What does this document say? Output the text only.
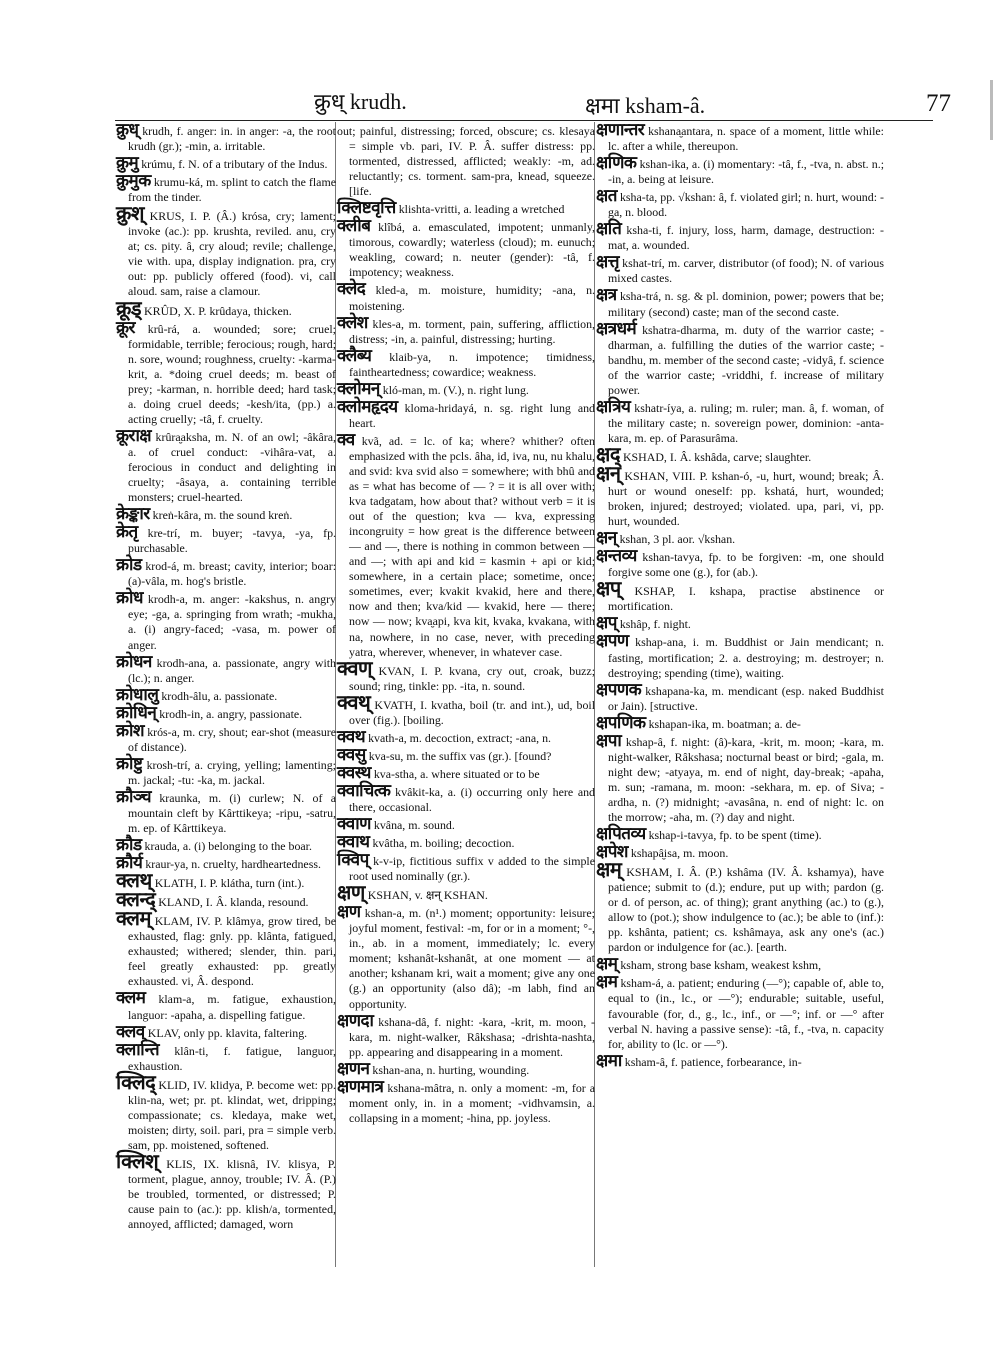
क्रुध् krudh.	क्षमा ksham-â.	77

क्रुध् krudh, f. anger: in. in anger: -a, the root krudh (gr.); -min, a. irritable.

क्रुमु krúmu, f. N. of a tributary of the Indus.

क्रुमुक krumu-ká, m. splint to catch the flame from the tinder.

क्रुश् KRUS, I. P. (Â.) krósa, cry; lament; invoke (ac.): pp. krushta, reviled. anu, cry at; cs. pity. â, cry aloud; revile; challenge, vie with. upa, display indignation. pra, cry out: pp. publicly offered (food). vi, call aloud. sam, raise a clamour.

क्रूड् KRÛD, X. P. krûdaya, thicken.

क्रूर krû-rá, a. wounded; sore; cruel; formidable, terrible; ferocious; rough, hard; n. sore, wound; roughness, cruelty: -karma-krit, a. *doing cruel deeds; m. beast of prey; -karman, n. horrible deed; hard task; a. doing cruel deeds; -kesh/ita, (pp.) a. acting cruelly; -tâ, f. cruelty.

क्रूराक्ष krûra̮aksha, m. N. of an owl; -âkâra, a. of cruel conduct: -vihâra-vat, a. ferocious in conduct and delighting in cruelty; -âsaya, a. containing terrible monsters; cruel-hearted.

क्रेङ्कार kreṅ-kâra, m. the sound kreṅ.

क्रेतृ kre-trí, m. buyer; -tavya, -ya, fp. purchasable.

क्रोड krod-á, m. breast; cavity, interior; boar: (a)-vâla, m. hog's bristle.

क्रोध krodh-a, m. anger: -kakshus, n. angry eye; -ga, a. springing from wrath; -mukha, a. (i) angry-faced; -vasa, m. power of anger.

क्रोधन krodh-ana, a. passionate, angry with (lc.); n. anger.

क्रोधालु krodh-âlu, a. passionate.

क्रोधिन् krodh-in, a. angry, passionate.

क्रोश krós-a, m. cry, shout; ear-shot (measure of distance).

क्रोष्टु krosh-trí, a. crying, yelling; lamenting; m. jackal; -tu: -ka, m. jackal.

क्रौञ्च kraunka, m. (i) curlew; N. of a mountain cleft by Kârttikeya; -ripu, -satru, m. ep. of Kârttikeya.

क्रौड krauda, a. (i) belonging to the boar.

क्रौर्य kraur-ya, n. cruelty, hardheartedness.

क्लथ् KLATH, I. P. klátha, turn (int.).

क्लन्द् KLAND, I. Â. klanda, resound.

क्लम् KLAM, IV. P. klâmya, grow tired, be exhausted, flag: gnly. pp. klânta, fatigued, exhausted; withered; slender, thin. pari, feel greatly exhausted: pp. greatly exhausted. vi, Â. despond.

क्लम klam-a, m. fatigue, exhaustion, languor: -apaha, a. dispelling fatigue.

क्लव् KLAV, only pp. klavita, faltering.

क्लान्ति klân-ti, f. fatigue, languor, exhaustion.

क्लिद् KLID, IV. klidya, P. become wet: pp. klin-na, wet; pr. pt. klindat, wet, dripping; compassionate; cs. kledaya, make wet, moisten; dirty, soil. pari, pra = simple verb. sam, pp. moistened, softened.

क्लिश् KLIS, IX. klisnâ, IV. klisya, P. torment, plague, annoy, trouble; IV. Â. (P.) be troubled, tormented, or distressed; P. cause pain to (ac.): pp. klish/a, tormented, annoyed, afflicted; damaged, worn

out; painful, distressing; forced, obscure; cs. klesaya = simple vb. pari, IV. P. Â. suffer distress: pp. tormented, distressed, afflicted; weakly: -m, ad. reluctantly; cs. torment. sam-pra, knead, squeeze. [life.

क्लिष्टवृत्ति klishta-vritti, a. leading a wretched

क्लीब klîbá, a. emasculated, impotent; unmanly, timorous, cowardly; waterless (cloud); m. eunuch; weakling, coward; n. neuter (gender): -tâ, f. impotency; weakness.

क्लेद kled-a, m. moisture, humidity; -ana, n. moistening.

क्लेश kles-a, m. torment, pain, suffering, affliction, distress; -in, a. painful, distressing; hurting.

क्लैब्य klaib-ya, n. impotence; timidness, faintheartedness; cowardice; weakness.

क्लोमन् kló-man, m. (V.), n. right lung.

क्लोमहृदय kloma-hridayá, n. sg. right lung and heart.

क्व kvã, ad. = lc. of ka; where? whither? often emphasized with the pcls. âha, id, iva, nu, nu khalu, and svid: kva svid also = somewhere; with bhû and as = what has become of — ? = it is all over with; kva tadgatam, how about that? without verb = it is out of the question; kva — kva, expressing incongruity = how great is the difference between — and —, there is nothing in common between — and —; with api and kid = kasmin + api or kid; somewhere, in a certain place; sometime, once; sometimes, ever; kvakit kvakid, here and there, now and then; kva/kid — kvakid, here — there; now — now; kva̮api, kva kit, kvaka, kvakana, with na, nowhere, in no case, never, with preceding yatra, wherever, whenever, in whatever case.

क्वण् KVAN, I. P. kvana, cry out, croak, buzz; sound; ring, tinkle: pp. -ita, n. sound.

क्वथ् KVATH, I. kvatha, boil (tr. and int.), ud, boil over (fig.). [boiling.

क्वथ kvath-a, m. decoction, extract; -ana, n.

क्वसु kva-su, m. the suffix vas (gr.). [found?

क्वस्थ kva-stha, a. where situated or to be

क्वाचित्क kvâkit-ka, a. (i) occurring only here and there, occasional.

क्वाण kvâna, m. sound.

क्वाथ kvâtha, m. boiling; decoction.

क्विप् k-v-ip, fictitious suffix v added to the simple root used nominally (gr.).

क्षण् KSHAN, v. क्षन् KSHAN.

क्षण kshan-a, m. (n¹.) moment; opportunity: leisure; joyful moment, festival: -m, for or in a moment; °-, in., ab. in a moment, immediately; lc. every moment; kshanât-kshanât, at one moment — at another; kshanam kri, wait a moment; give any one (g.) an opportunity (also dâ); -m labh, find an opportunity.

क्षणदा kshana-dâ, f. night: -kara, -krit, m. moon, -kara, m. night-walker, Râkshasa; -drishta-nashta, pp. appearing and disappearing in a moment.

क्षणन kshan-ana, n. hurting, wounding.

क्षणमात्र kshana-mâtra, n. only a moment: -m, for a moment only, in. in a moment; -vidhvamsin, a. collapsing in a moment; -hina, pp. joyless.

क्षणान्तर kshana̮antara, n. space of a moment, little while: lc. after a while, thereupon.

क्षणिक kshan-ika, a. (i) momentary: -tâ, f., -tva, n. abst. n.; -in, a. being at leisure.

क्षत ksha-ta, pp. √kshan: â, f. violated girl; n. hurt, wound: -ga, n. blood.

क्षति ksha-ti, f. injury, loss, harm, damage, destruction: -mat, a. wounded.

क्षत्तृ kshat-trí, m. carver, distributor (of food); N. of various mixed castes.

क्षत्र ksha-trá, n. sg. & pl. dominion, power; powers that be; military (second) caste; man of the second caste.

क्षत्रधर्म kshatra-dharma, m. duty of the warrior caste; -dharman, a. fulfilling the duties of the warrior caste; -bandhu, m. member of the second caste; -vidyâ, f. science of the warrior caste; -vriddhi, f. increase of military power.

क्षत्रिय kshatr-íya, a. ruling; m. ruler; man. â, f. woman, of the military caste; n. sovereign power, dominion: -anta-kara, m. ep. of Parasurâma.

क्षद् KSHAD, I. Â. kshâda, carve; slaughter.

क्षन् KSHAN, VIII. P. kshan-ó, -u, hurt, wound; break; Â. hurt or wound oneself: pp. kshatá, hurt, wounded; broken, injured; destroyed; violated. upa, pari, vi, pp. hurt, wounded.

क्षन् kshan, 3 pl. aor. √kshan.

क्षन्तव्य kshan-tavya, fp. to be forgiven: -m, one should forgive some one (g.), for (ab.).

क्षप् KSHAP, I. kshapa, practise abstinence or mortification.

क्षप् kshâp, f. night.

क्षपण kshap-ana, i. m. Buddhist or Jain mendicant; n. fasting, mortification; 2. a. destroying; m. destroyer; n. destroying; spending (time), waiting.

क्षपणक kshapana-ka, m. mendicant (esp. naked Buddhist or Jain). [structive.

क्षपणिक kshapan-ika, m. boatman; a. de-

क्षपा kshap-â, f. night: (â)-kara, -krit, m. moon; -kara, m. night-walker, Râkshasa; nocturnal beast or bird; -gala, m. night dew; -atyaya, m. end of night, day-break; -apaha, m. sun; -ramana, m. moon: -sekhara, m. ep. of Siva; -ardha, n. (?) midnight; -avasâna, n. end of night: lc. on the morrow; -aha, m. (?) day and night.

क्षपितव्य kshap-i-tavya, fp. to be spent (time).

क्षपेश kshapâ̮isa, m. moon.

क्षम् KSHAM, I. Â. (P.) kshâma (IV. Â. kshamya), have patience; submit to (d.); endure, put up with; pardon (g. or d. of person, ac. of thing); grant anything (ac.) to (g.), allow to (pot.); show indulgence to (ac.); be able to (inf.): pp. kshânta, patient; cs. kshâmaya, ask any one's (ac.) pardon or indulgence for (ac.). [earth.

क्षम् ksham, strong base ksham, weakest kshm,

क्षम ksham-á, a. patient; enduring (—°); capable of, able to, equal to (in., lc., or —°); endurable; suitable, useful, favourable (for, d., g., lc., inf., or —°; inf. or —° after verbal N. having a passive sense): -tâ, f., -tva, n. capacity for, ability to (lc. or —°).

क्षमा ksham-â, f. patience, forbearance, in-
